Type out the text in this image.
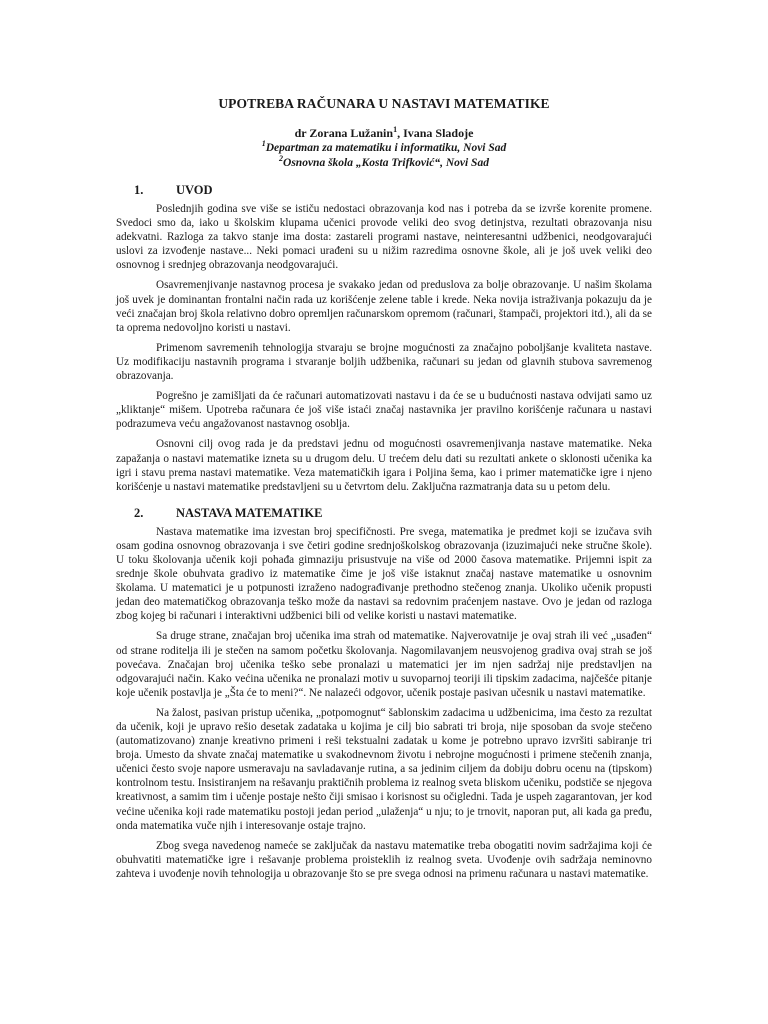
UPOTREBA RAČUNARA U NASTAVI MATEMATIKE
dr Zorana Lužanin$^1$, Ivana Sladoje
$^1$Departman za matematiku i informatiku, Novi Sad
$^2$Osnovna škola „Kosta Trifković“, Novi Sad
1.	UVOD

Poslednjih godina sve više se ističu nedostaci obrazovanja kod nas i potreba da se izvrše korenite promene. Svedoci smo da, iako u školskim klupama učenici provode veliki deo svog detinjstva, rezultati obrazovanja nisu adekvatni. Razloga za takvo stanje ima dosta: zastareli programi nastave, neinteresantni udžbenici, neodgovarajući uslovi za izvođenje nastave... Neki pomaci urađeni su u nižim razredima osnovne škole, ali je još uvek veliki deo osnovnog i srednjeg obrazovanja neodgovarajući.

Osavremenjivanje nastavnog procesa je svakako jedan od preduslova za bolje obrazovanje. U našim školama još uvek je dominantan frontalni način rada uz korišćenje zelene table i krede. Neka novija istraživanja pokazuju da je veći značajan broj škola relativno dobro opremljen računarskom opremom (računari, štampači, projektori itd.), ali da se ta oprema nedovoljno koristi u nastavi.

Primenom savremenih tehnologija stvaraju se brojne mogućnosti za značajno poboljšanje kvaliteta nastave. Uz modifikaciju nastavnih programa i stvaranje boljih udžbenika, računari su jedan od glavnih stubova savremenog obrazovanja.

Pogrešno je zamišljati da će računari automatizovati nastavu i da će se u budućnosti nastava odvijati samo uz „kliktanje“ mišem. Upotreba računara će još više istaći značaj nastavnika jer pravilno korišćenje računara u nastavi podrazumeva veću angažovanost nastavnog osoblja.

Osnovni cilj ovog rada je da predstavi jednu od mogućnosti osavremenjivanja nastave matematike. Neka zapažanja o nastavi matematike izneta su u drugom delu. U trećem delu dati su rezultati ankete o sklonosti učenika ka igri i stavu prema nastavi matematike. Veza matematičkih igara i Poljina šema, kao i primer matematičke igre i njeno korišćenje u nastavi matematike predstavljeni su u četvrtom delu. Zaključna razmatranja data su u petom delu.

2.	NASTAVA MATEMATIKE

Nastava matematike ima izvestan broj specifičnosti. Pre svega, matematika je predmet koji se izučava svih osam godina osnovnog obrazovanja i sve četiri godine srednjoškolskog obrazovanja (izuzimajući neke stručne škole). U toku školovanja učenik koji pohađa gimnaziju prisustvuje na više od 2000 časova matematike. Prijemni ispit za srednje škole obuhvata gradivo iz matematike čime je još više istaknut značaj nastave matematike u osnovnim školama. U matematici je u potpunosti izraženo nadograđivanje prethodno stečenog znanja. Ukoliko učenik propusti jedan deo matematičkog obrazovanja teško može da nastavi sa redovnim praćenjem nastave. Ovo je jedan od razloga zbog kojeg bi računari i interaktivni udžbenici bili od velike koristi u nastavi matematike.

Sa druge strane, značajan broj učenika ima strah od matematike. Najverovatnije je ovaj strah ili već „usađen“ od strane roditelja ili je stečen na samom početku školovanja. Nagomilavanjem neusvojenog gradiva ovaj strah se još povećava. Značajan broj učenika teško sebe pronalazi u matematici jer im njen sadržaj nije predstavljen na odgovarajući način. Kako većina učenika ne pronalazi motiv u suvoparnoj teoriji ili tipskim zadacima, najčešće pitanje koje učenik postavlja je „Šta će to meni?“. Ne nalazeći odgovor, učenik postaje pasivan učesnik u nastavi matematike.

Na žalost, pasivan pristup učenika, „potpomognut“ šablonskim zadacima u udžbenicima, ima često za rezultat da učenik, koji je upravo rešio desetak zadataka u kojima je cilj bio sabrati tri broja, nije sposoban da svoje stečeno (automatizovano) znanje kreativno primeni i reši tekstualni zadatak u kome je potrebno upravo izvršiti sabiranje tri broja. Umesto da shvate značaj matematike u svakodnevnom životu i nebrojne mogućnosti i primene stečenih znanja, učenici često svoje napore usmeravaju na savladavanje rutina, a sa jedinim ciljem da dobiju dobru ocenu na (tipskom) kontrolnom testu. Insistiranjem na rešavanju praktičnih problema iz realnog sveta bliskom učeniku, podstiče se njegova kreativnost, a samim tim i učenje postaje nešto čiji smisao i korisnost su očigledni. Tada je uspeh zagarantovan, jer kod većine učenika koji rade matematiku postoji jedan period „ulaženja“ u nju; to je trnovit, naporan put, ali kada ga pređu, onda matematika vuče njih i interesovanje ostaje trajno.

Zbog svega navedenog nameće se zaključak da nastavu matematike treba obogatiti novim sadržajima koji će obuhvatiti matematičke igre i rešavanje problema proisteklih iz realnog sveta. Uvođenje ovih sadržaja neminovno zahteva i uvođenje novih tehnologija u obrazovanje što se pre svega odnosi na primenu računara u nastavi matematike.
